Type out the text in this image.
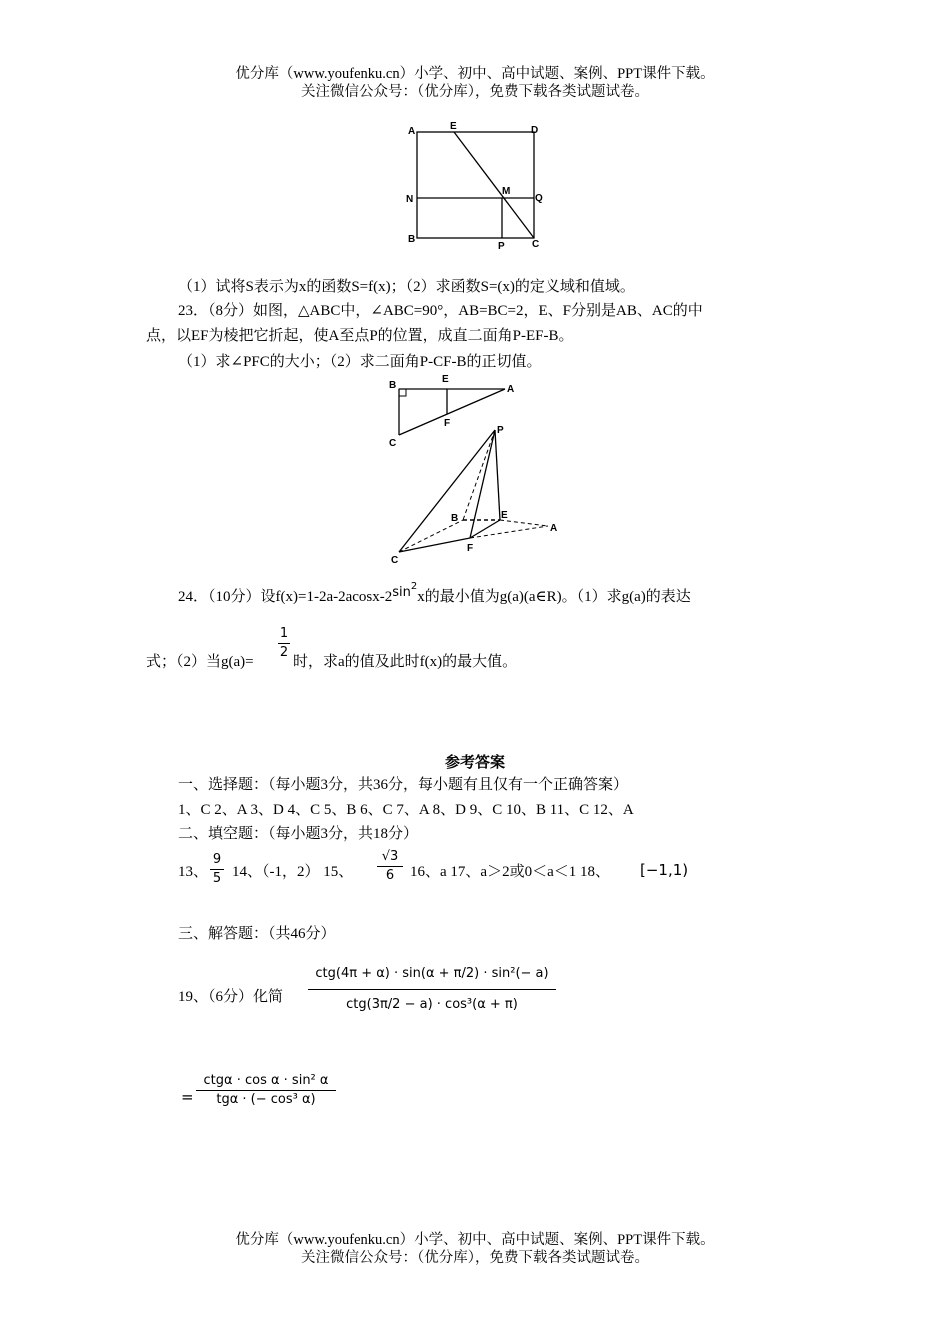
优分库（www.youfenku.cn）小学、初中、高中试题、案例、PPT课件下载。
关注微信公众号：（优分库），免费下载各类试题试卷。
A	E	D
M
N	Q
B
P	C
（1）试将S表示为x的函数S=f(x)；（2）求函数S=(x)的定义域和值域。
23．（8分）如图，△ABC中，∠ABC=90°，AB=BC=2，E、F分别是AB、AC的中
点，以EF为棱把它折起，使A至点P的位置，成直二面角P-EF-B。
（1）求∠PFC的大小；（2）求二面角P-CF-B的正切值。
B
E
A
F
C
P
B	E
A
C
F
24．（10分）设$f(x)=1-2a-2acosx-2\sin^2x$的最小值为g(a)(a∈R)。（1）求g(a)的表达
式；（2）当g(a)=
1
2
时，求a的值及此时f(x)的最大值。
参考答案
一、选择题：（每小题3分，共36分，每小题有且仅有一个正确答案）
1、C 2、A 3、D 4、C 5、B 6、C 7、A 8、D 9、C 10、B 11、C 12、A
二、填空题：（每小题3分，共18分）
13、
9
5 14、（-1，2） 15、
√3
6	16、a 17、a＞2或0＜a＜1 18、 [−1,1)
三、解答题：（共46分）
19、（6分）化简
ctg(4π + α) · sin(α + π/2) · sin²(− a)
ctg(3π/2 − a) · cos³(α + π)
=
ctgα · cos α · sin² α
tgα · (− cos³ α)
优分库（www.youfenku.cn）小学、初中、高中试题、案例、PPT课件下载。
关注微信公众号：（优分库），免费下载各类试题试卷。
